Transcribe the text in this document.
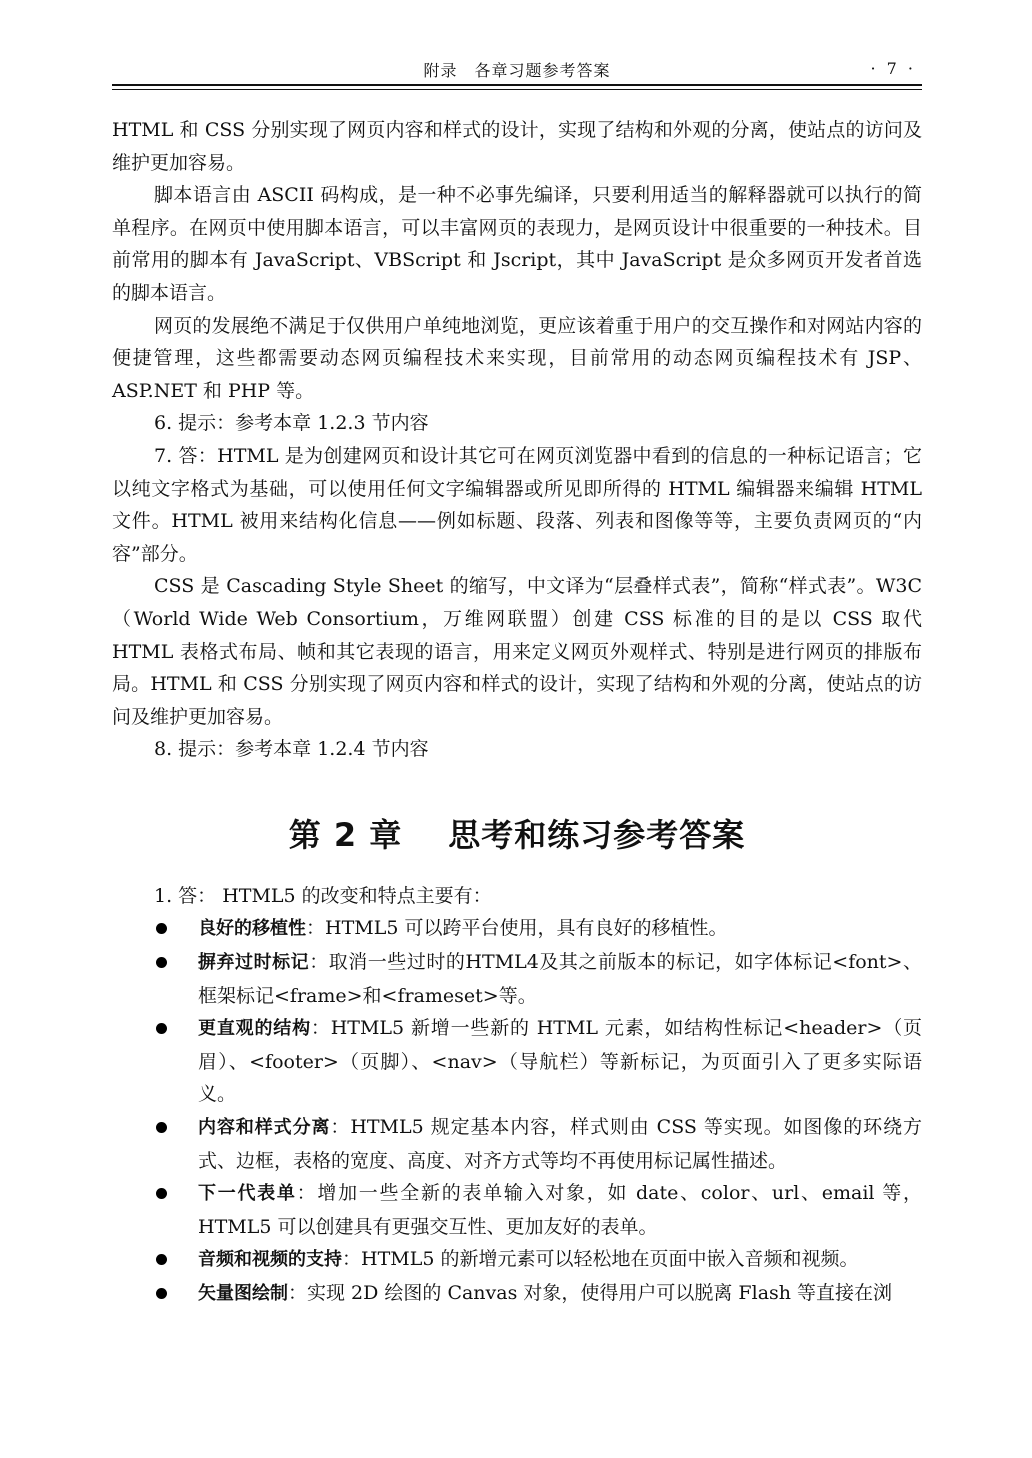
附录　各章习题参考答案	· 7 ·

HTML 和 CSS 分别实现了网页内容和样式的设计，实现了结构和外观的分离，使站点的访问及维护更加容易。

脚本语言由 ASCII 码构成，是一种不必事先编译，只要利用适当的解释器就可以执行的简单程序。在网页中使用脚本语言，可以丰富网页的表现力，是网页设计中很重要的一种技术。目前常用的脚本有 JavaScript、VBScript 和 Jscript，其中 JavaScript 是众多网页开发者首选的脚本语言。

网页的发展绝不满足于仅供用户单纯地浏览，更应该着重于用户的交互操作和对网站内容的便捷管理，这些都需要动态网页编程技术来实现，目前常用的动态网页编程技术有 JSP、ASP.NET 和 PHP 等。

6. 提示：参考本章 1.2.3 节内容

7. 答：HTML 是为创建网页和设计其它可在网页浏览器中看到的信息的一种标记语言；它以纯文字格式为基础，可以使用任何文字编辑器或所见即所得的 HTML 编辑器来编辑 HTML 文件。HTML 被用来结构化信息——例如标题、段落、列表和图像等等，主要负责网页的“内容”部分。

CSS 是 Cascading Style Sheet 的缩写，中文译为“层叠样式表”，简称“样式表”。W3C（World Wide Web Consortium，万维网联盟）创建 CSS 标准的目的是以 CSS 取代 HTML 表格式布局、帧和其它表现的语言，用来定义网页外观样式、特别是进行网页的排版布局。HTML 和 CSS 分别实现了网页内容和样式的设计，实现了结构和外观的分离，使站点的访问及维护更加容易。

8. 提示：参考本章 1.2.4 节内容

第 2 章 思考和练习参考答案

1. 答： HTML5 的改变和特点主要有：

良好的移植性：HTML5 可以跨平台使用，具有良好的移植性。
摒弃过时标记：取消一些过时的HTML4及其之前版本的标记，如字体标记<font>、框架标记<frame>和<frameset>等。
更直观的结构：HTML5 新增一些新的 HTML 元素，如结构性标记<header>（页眉）、<footer>（页脚）、<nav>（导航栏）等新标记，为页面引入了更多实际语义。
内容和样式分离：HTML5 规定基本内容，样式则由 CSS 等实现。如图像的环绕方式、边框，表格的宽度、高度、对齐方式等均不再使用标记属性描述。
下一代表单：增加一些全新的表单输入对象，如 date、color、url、email 等，HTML5 可以创建具有更强交互性、更加友好的表单。
音频和视频的支持：HTML5 的新增元素可以轻松地在页面中嵌入音频和视频。
矢量图绘制：实现 2D 绘图的 Canvas 对象，使得用户可以脱离 Flash 等直接在浏
